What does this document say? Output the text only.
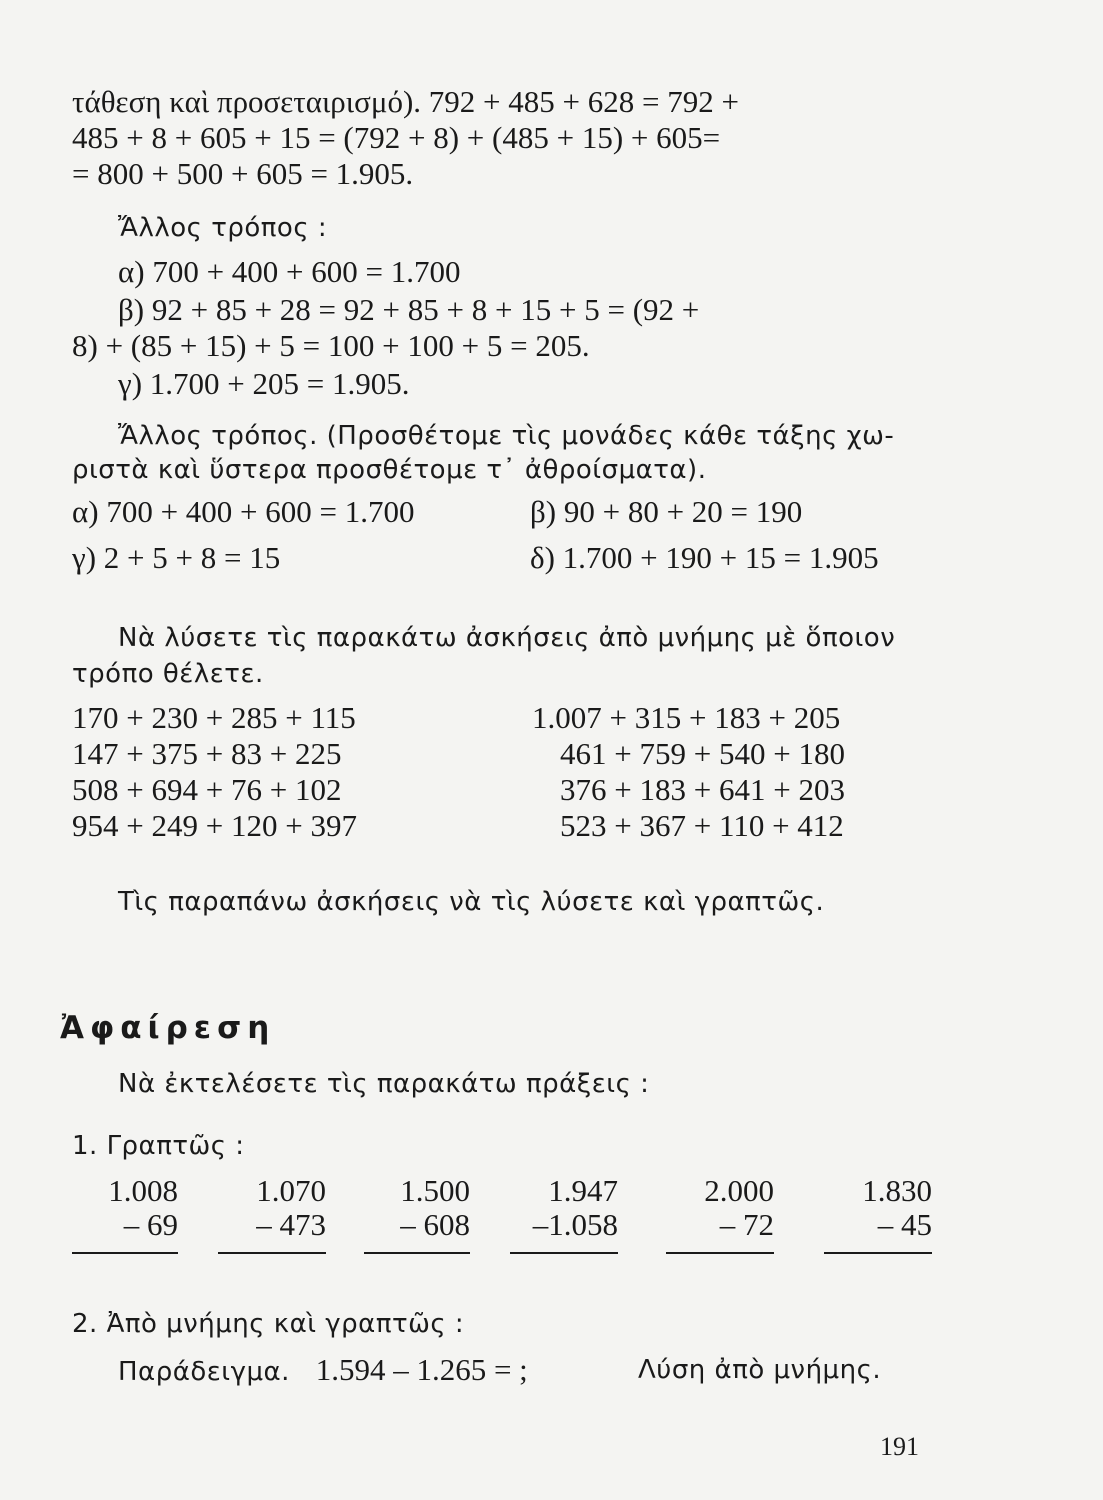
τάθεση καὶ προσεταιρισμό). 792 + 485 + 628 = 792 +
485 + 8 + 605 + 15 = (792 + 8) + (485 + 15) + 605=
= 800 + 500 + 605 = 1.905.
Ἄλλος τρόπος :
α) 700 + 400 + 600 = 1.700
β) 92 + 85 + 28 = 92 + 85 + 8 + 15 + 5 = (92 +
8) + (85 + 15) + 5 = 100 + 100 + 5 = 205.
γ) 1.700 + 205 = 1.905.
Ἄλλος τρόπος. (Προσθέτομε τὶς μονάδες κάθε τάξης χω-
ριστὰ καὶ ὕστερα προσθέτομε τ᾽ ἀθροίσματα).
α) 700 + 400 + 600 = 1.700	β) 90 + 80 + 20 = 190
γ) 2 + 5 + 8 = 15	δ) 1.700 + 190 + 15 = 1.905
Νὰ λύσετε τὶς παρακάτω ἀσκήσεις ἀπὸ μνήμης μὲ ὅποιον
τρόπο θέλετε.
170 + 230 + 285 + 115	1.007 + 315 + 183 + 205
147 + 375 + 83 + 225	461 + 759 + 540 + 180
508 + 694 + 76 + 102	376 + 183 + 641 + 203
954 + 249 + 120 + 397	523 + 367 + 110 + 412
Τὶς παραπάνω ἀσκήσεις νὰ τὶς λύσετε καὶ γραπτῶς.
Ἀφαίρεση
Νὰ ἐκτελέσετε τὶς παρακάτω πράξεις :
1. Γραπτῶς :
1.008
– 69
1.070
– 473
1.500
– 608
1.947
–1.058
2.000
– 72
1.830
– 45
2. Ἀπὸ μνήμης καὶ γραπτῶς :
Παράδειγμα. 1.594 – 1.265 = ;	Λύση ἀπὸ μνήμης.
191
